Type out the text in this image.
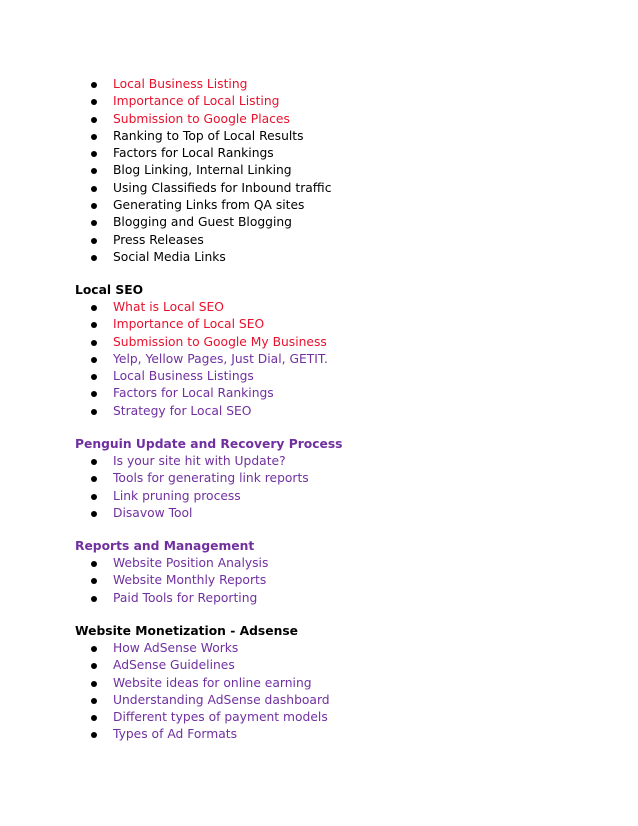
Local Business Listing
Importance of Local Listing
Submission to Google Places
Ranking to Top of Local Results
Factors for Local Rankings
Blog Linking, Internal Linking
Using Classifieds for Inbound traffic
Generating Links from QA sites
Blogging and Guest Blogging
Press Releases
Social Media Links
Local SEO
What is Local SEO
Importance of Local SEO
Submission to Google My Business
Yelp, Yellow Pages, Just Dial, GETIT.
Local Business Listings
Factors for Local Rankings
Strategy for Local SEO
Penguin Update and Recovery Process
Is your site hit with Update?
Tools for generating link reports
Link pruning process
Disavow Tool
Reports and Management
Website Position Analysis
Website Monthly Reports
Paid Tools for Reporting
Website Monetization - Adsense
How AdSense Works
AdSense Guidelines
Website ideas for online earning
Understanding AdSense dashboard
Different types of payment models
Types of Ad Formats
